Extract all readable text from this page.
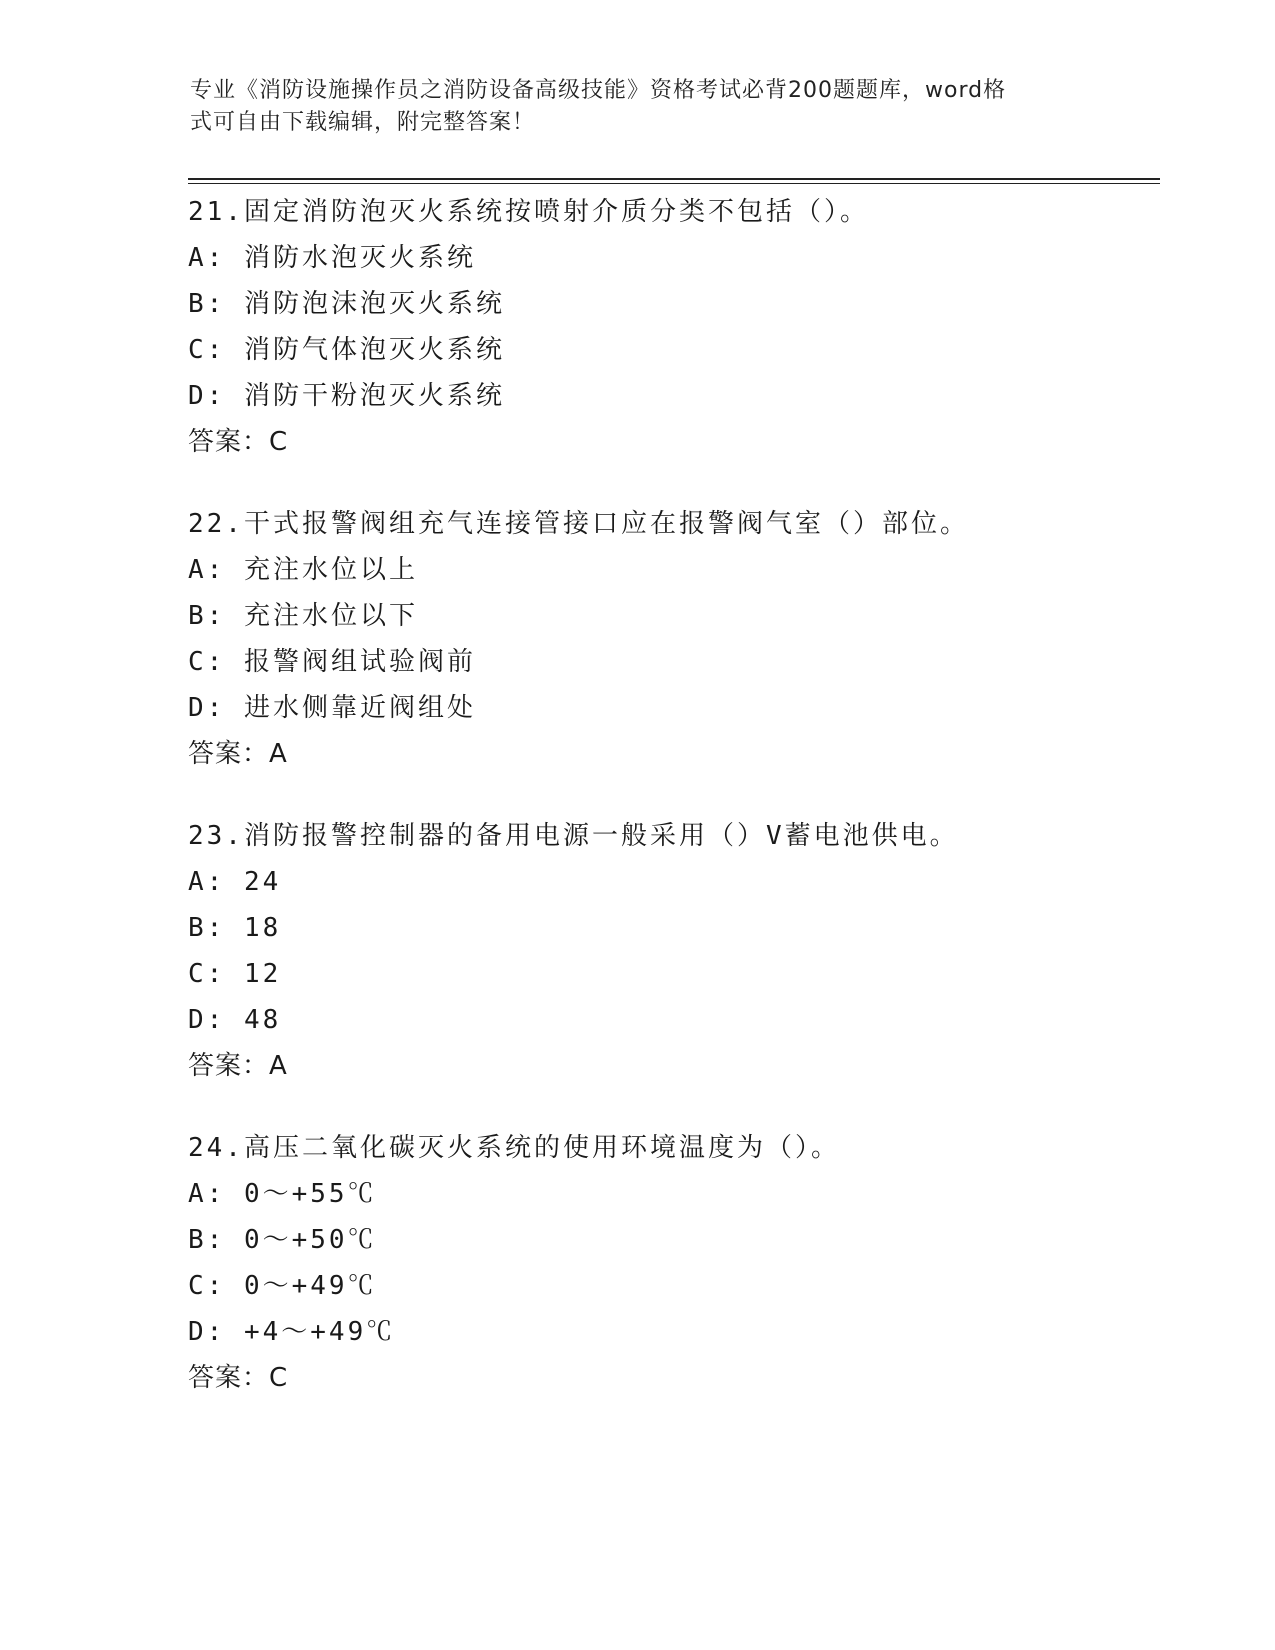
专业《消防设施操作员之消防设备高级技能》资格考试必背200题题库，word格
式可自由下载编辑，附完整答案！
21.固定消防泡灭火系统按喷射介质分类不包括（）。
A: 消防水泡灭火系统
B: 消防泡沫泡灭火系统
C: 消防气体泡灭火系统
D: 消防干粉泡灭火系统
答案：C
22.干式报警阀组充气连接管接口应在报警阀气室（）部位。
A: 充注水位以上
B: 充注水位以下
C: 报警阀组试验阀前
D: 进水侧靠近阀组处
答案：A
23.消防报警控制器的备用电源一般采用（）V蓄电池供电。
A: 24
B: 18
C: 12
D: 48
答案：A
24.高压二氧化碳灭火系统的使用环境温度为（）。
A: 0～+55℃
B: 0～+50℃
C: 0～+49℃
D: +4～+49℃
答案：C
